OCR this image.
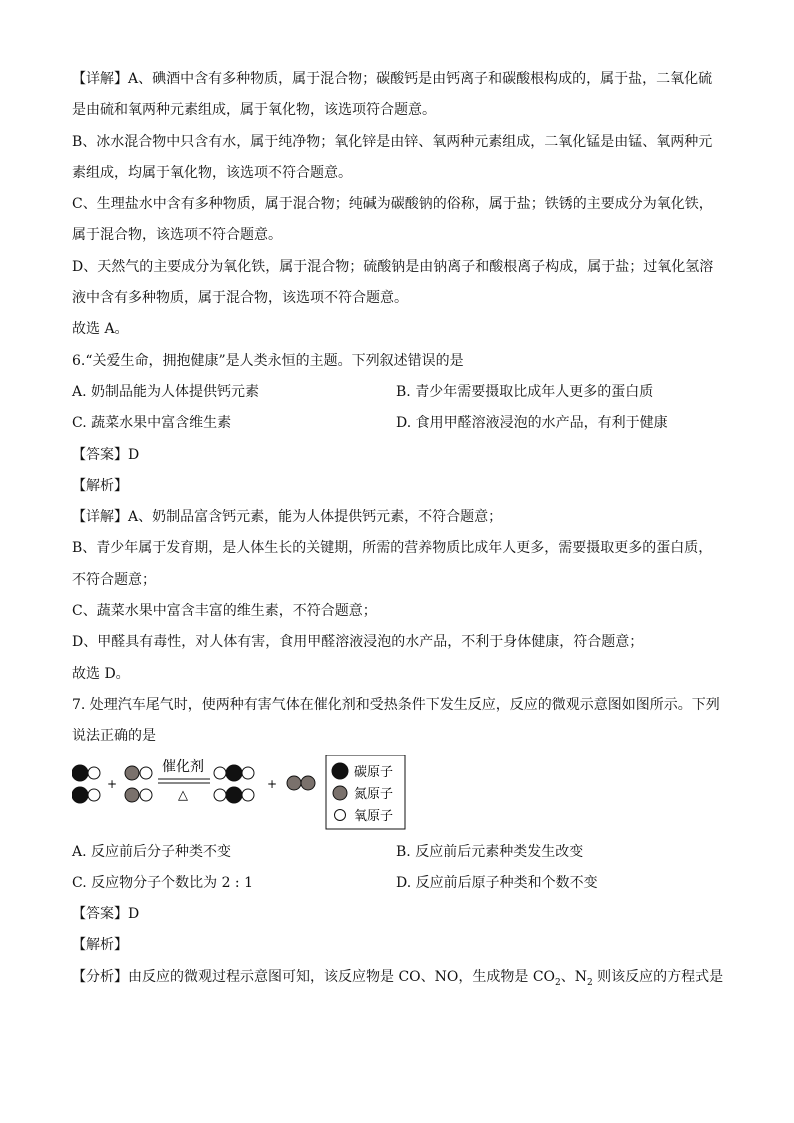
【详解】A、碘酒中含有多种物质，属于混合物；碳酸钙是由钙离子和碳酸根构成的，属于盐，二氧化硫
是由硫和氧两种元素组成，属于氧化物，该选项符合题意。
B、冰水混合物中只含有水，属于纯净物；氧化锌是由锌、氧两种元素组成，二氧化锰是由锰、氧两种元
素组成，均属于氧化物，该选项不符合题意。
C、生理盐水中含有多种物质，属于混合物；纯碱为碳酸钠的俗称，属于盐；铁锈的主要成分为氧化铁，
属于混合物，该选项不符合题意。
D、天然气的主要成分为氧化铁，属于混合物；硫酸钠是由钠离子和酸根离子构成，属于盐；过氧化氢溶
液中含有多种物质，属于混合物，该选项不符合题意。
故选 A。
6.“关爱生命，拥抱健康”是人类永恒的主题。下列叙述错误的是
A. 奶制品能为人体提供钙元素	B. 青少年需要摄取比成年人更多的蛋白质
C. 蔬菜水果中富含维生素	D. 食用甲醛溶液浸泡的水产品，有利于健康
【答案】D
【解析】
【详解】A、奶制品富含钙元素，能为人体提供钙元素，不符合题意；
B、青少年属于发育期，是人体生长的关键期，所需的营养物质比成年人更多，需要摄取更多的蛋白质，
不符合题意；
C、蔬菜水果中富含丰富的维生素，不符合题意；
D、甲醛具有毒性，对人体有害，食用甲醛溶液浸泡的水产品，不利于身体健康，符合题意；
故选 D。
7. 处理汽车尾气时，使两种有害气体在催化剂和受热条件下发生反应，反应的微观示意图如图所示。下列
说法正确的是
+
催化剂
△
+
碳原子
氮原子
氧原子
A. 反应前后分子种类不变	B. 反应前后元素种类发生改变
C. 反应物分子个数比为 2 : 1	D. 反应前后原子种类和个数不变
【答案】D
【解析】
【分析】由反应的微观过程示意图可知，该反应物是 CO、NO，生成物是 $CO_2$、$N_2$ 则该反应的方程式是
